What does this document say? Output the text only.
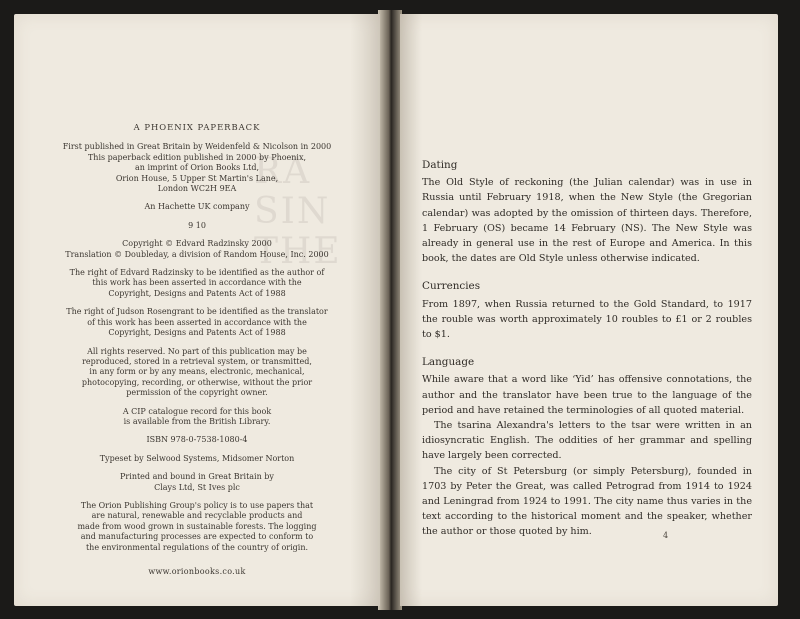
RA
SIN
THE

A PHOENIX PAPERBACK

First published in Great Britain by Weidenfeld & Nicolson in 2000
This paperback edition published in 2000 by Phoenix,
an imprint of Orion Books Ltd,
Orion House, 5 Upper St Martin's Lane,
London WC2H 9EA

An Hachette UK company

9 10

Copyright © Edvard Radzinsky 2000
Translation © Doubleday, a division of Random House, Inc. 2000

The right of Edvard Radzinsky to be identified as the author of
this work has been asserted in accordance with the
Copyright, Designs and Patents Act of 1988

The right of Judson Rosengrant to be identified as the translator
of this work has been asserted in accordance with the
Copyright, Designs and Patents Act of 1988

All rights reserved. No part of this publication may be
reproduced, stored in a retrieval system, or transmitted,
in any form or by any means, electronic, mechanical,
photocopying, recording, or otherwise, without the prior
permission of the copyright owner.

A CIP catalogue record for this book
is available from the British Library.

ISBN 978-0-7538-1080-4

Typeset by Selwood Systems, Midsomer Norton

Printed and bound in Great Britain by
Clays Ltd, St Ives plc

The Orion Publishing Group's policy is to use papers that
are natural, renewable and recyclable products and
made from wood grown in sustainable forests. The logging
and manufacturing processes are expected to conform to
the environmental regulations of the country of origin.

www.orionbooks.co.uk

Dating

The Old Style of reckoning (the Julian calendar) was in use in Russia until February 1918, when the New Style (the Gregorian calendar) was adopted by the omission of thirteen days. Therefore, 1 February (OS) became 14 February (NS). The New Style was already in general use in the rest of Europe and America. In this book, the dates are Old Style unless otherwise indicated.

Currencies

From 1897, when Russia returned to the Gold Standard, to 1917 the rouble was worth approximately 10 roubles to £1 or 2 roubles to $1.

Language

While aware that a word like ‘Yid’ has offensive connotations, the author and the translator have been true to the language of the period and have retained the terminologies of all quoted material.

The tsarina Alexandra's letters to the tsar were written in an idiosyncratic English. The oddities of her grammar and spelling have largely been corrected.

The city of St Petersburg (or simply Petersburg), founded in 1703 by Peter the Great, was called Petrograd from 1914 to 1924 and Leningrad from 1924 to 1991. The city name thus varies in the text according to the historical moment and the speaker, whether the author or those quoted by him.	4
